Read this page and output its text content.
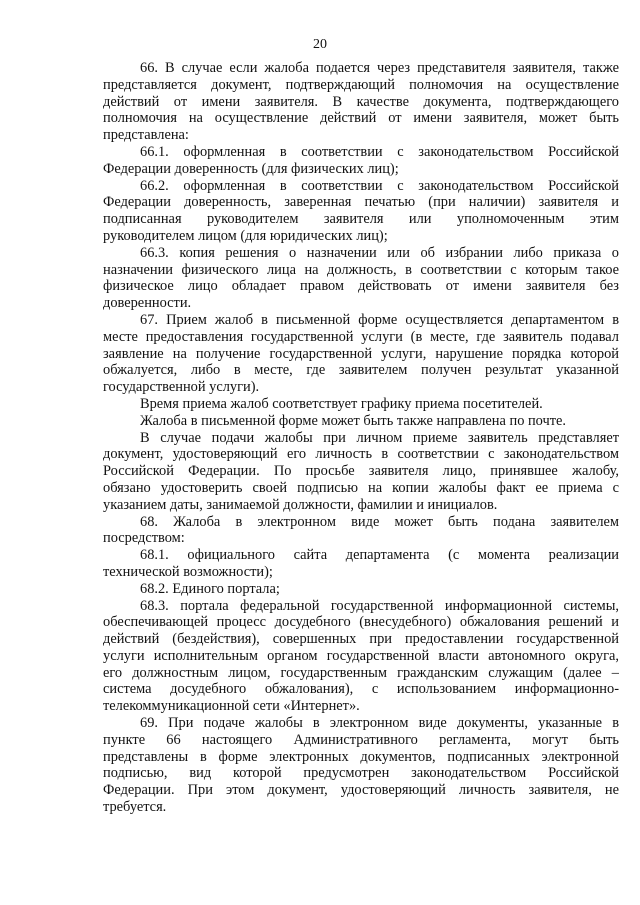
20
66. В случае если жалоба подается через представителя заявителя, также
представляется документ, подтверждающий полномочия на осуществление
действий от имени заявителя. В качестве документа, подтверждающего
полномочия на осуществление действий от имени заявителя, может быть
представлена:
66.1. оформленная в соответствии с законодательством Российской
Федерации доверенность (для физических лиц);
66.2. оформленная в соответствии с законодательством Российской
Федерации доверенность, заверенная печатью (при наличии) заявителя и
подписанная руководителем заявителя или уполномоченным этим
руководителем лицом (для юридических лиц);
66.3. копия решения о назначении или об избрании либо приказа о
назначении физического лица на должность, в соответствии с которым такое
физическое лицо обладает правом действовать от имени заявителя без
доверенности.
67. Прием жалоб в письменной форме осуществляется департаментом в
месте предоставления государственной услуги (в месте, где заявитель подавал
заявление на получение государственной услуги, нарушение порядка которой
обжалуется, либо в месте, где заявителем получен результат указанной
государственной услуги).
Время приема жалоб соответствует графику приема посетителей.
Жалоба в письменной форме может быть также направлена по почте.
В случае подачи жалобы при личном приеме заявитель представляет
документ, удостоверяющий его личность в соответствии с законодательством
Российской Федерации. По просьбе заявителя лицо, принявшее жалобу,
обязано удостоверить своей подписью на копии жалобы факт ее приема с
указанием даты, занимаемой должности, фамилии и инициалов.
68. Жалоба в электронном виде может быть подана заявителем
посредством:
68.1. официального сайта департамента (с момента реализации
технической возможности);
68.2. Единого портала;
68.3. портала федеральной государственной информационной системы,
обеспечивающей процесс досудебного (внесудебного) обжалования решений и
действий (бездействия), совершенных при предоставлении государственной
услуги исполнительным органом государственной власти автономного округа,
его должностным лицом, государственным гражданским служащим (далее –
система досудебного обжалования), с использованием информационно-
телекоммуникационной сети «Интернет».
69. При подаче жалобы в электронном виде документы, указанные в
пункте 66 настоящего Административного регламента, могут быть
представлены в форме электронных документов, подписанных электронной
подписью, вид которой предусмотрен законодательством Российской
Федерации. При этом документ, удостоверяющий личность заявителя, не
требуется.
